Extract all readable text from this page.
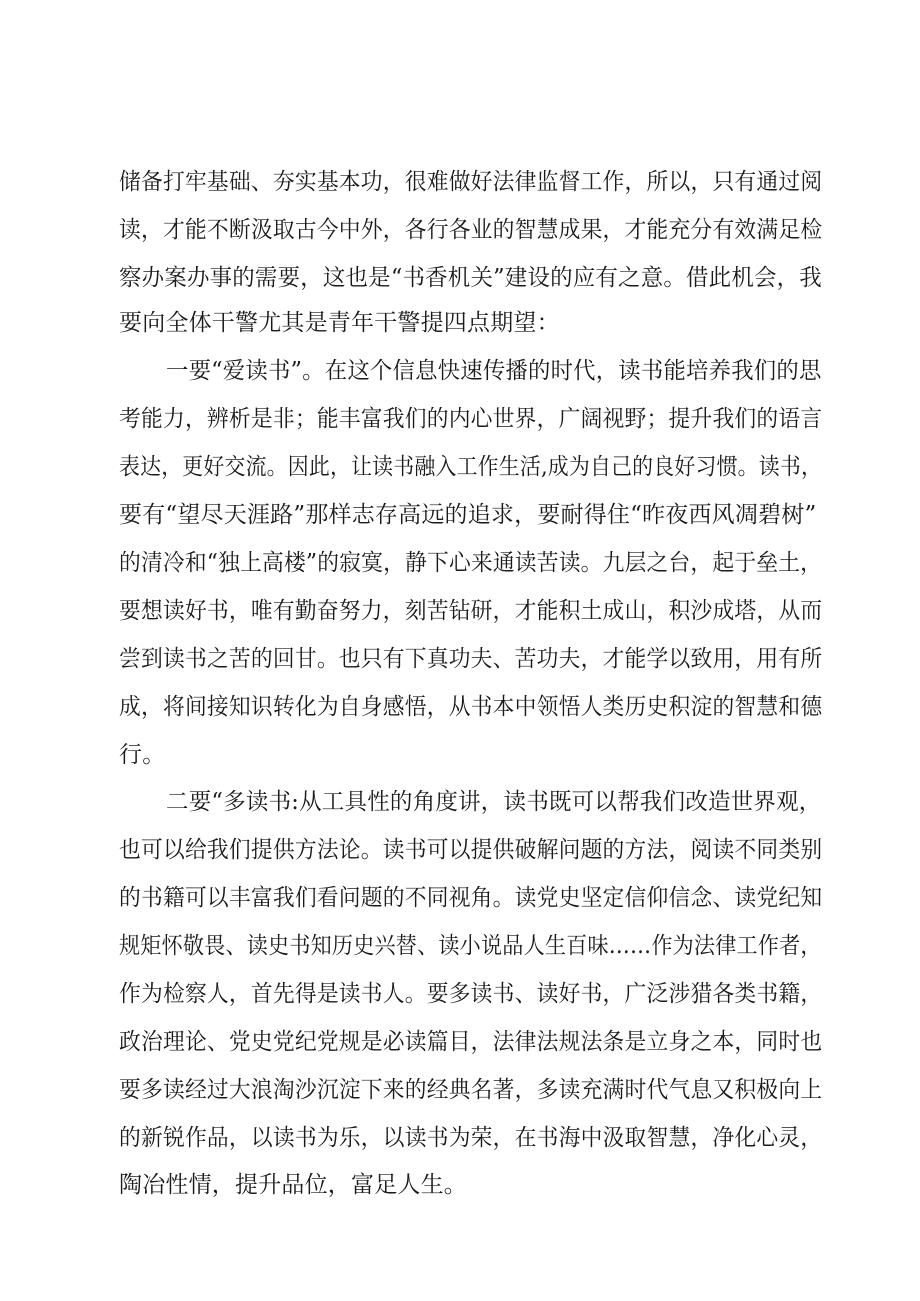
储备打牢基础、夯实基本功，很难做好法律监督工作，所以，只有通过阅

读，才能不断汲取古今中外，各行各业的智慧成果，才能充分有效满足检

察办案办事的需要，这也是“书香机关”建设的应有之意。借此机会，我

要向全体干警尤其是青年干警提四点期望：

一要“爱读书”。在这个信息快速传播的时代，读书能培养我们的思

考能力，辨析是非；能丰富我们的内心世界，广阔视野；提升我们的语言

表达，更好交流。因此，让读书融入工作生活,成为自己的良好习惯。读书，

要有“望尽天涯路”那样志存高远的追求，要耐得住“昨夜西风凋碧树”

的清冷和“独上高楼”的寂寞，静下心来通读苦读。九层之台，起于垒土，

要想读好书，唯有勤奋努力，刻苦钻研，才能积土成山，积沙成塔，从而

尝到读书之苦的回甘。也只有下真功夫、苦功夫，才能学以致用，用有所

成，将间接知识转化为自身感悟，从书本中领悟人类历史积淀的智慧和德

行。

二要“多读书:从工具性的角度讲，读书既可以帮我们改造世界观，

也可以给我们提供方法论。读书可以提供破解问题的方法，阅读不同类别

的书籍可以丰富我们看问题的不同视角。读党史坚定信仰信念、读党纪知

规矩怀敬畏、读史书知历史兴替、读小说品人生百味……作为法律工作者，

作为检察人，首先得是读书人。要多读书、读好书，广泛涉猎各类书籍，

政治理论、党史党纪党规是必读篇目，法律法规法条是立身之本，同时也

要多读经过大浪淘沙沉淀下来的经典名著，多读充满时代气息又积极向上

的新锐作品，以读书为乐，以读书为荣，在书海中汲取智慧，净化心灵，

陶冶性情，提升品位，富足人生。
